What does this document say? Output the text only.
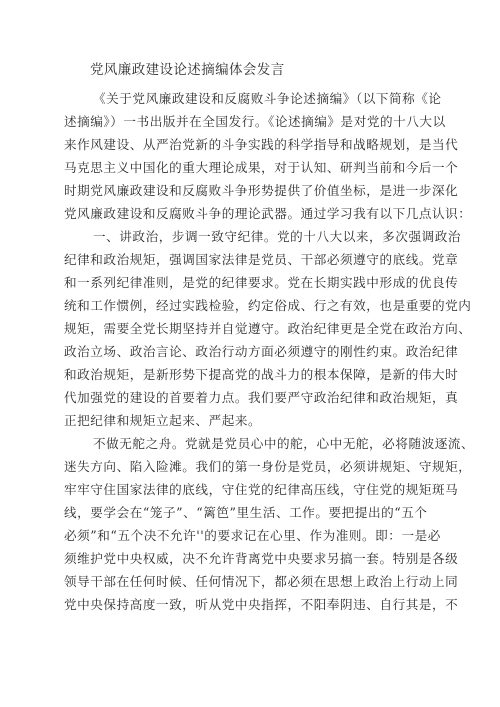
党风廉政建设论述摘编体会发言
《关于党风廉政建设和反腐败斗争论述摘编》（以下简称《论
述摘编》）一书出版并在全国发行。《论述摘编》是对党的十八大以
来作风建设、从严治党新的斗争实践的科学指导和战略规划，是当代
马克思主义中国化的重大理论成果，对于认知、研判当前和今后一个
时期党风廉政建设和反腐败斗争形势提供了价值坐标，是进一步深化
党风廉政建设和反腐败斗争的理论武器。通过学习我有以下几点认识：
一、讲政治，步调一致守纪律。党的十八大以来，多次强调政治
纪律和政治规矩，强调国家法律是党员、干部必须遵守的底线。党章
和一系列纪律准则，是党的纪律要求。党在长期实践中形成的优良传
统和工作惯例，经过实践检验，约定俗成、行之有效，也是重要的党内
规矩，需要全党长期坚持并自觉遵守。政治纪律更是全党在政治方向、
政治立场、政治言论、政治行动方面必须遵守的刚性约束。政治纪律
和政治规矩，是新形势下提高党的战斗力的根本保障，是新的伟大时
代加强党的建设的首要着力点。我们要严守政治纪律和政治规矩，真
正把纪律和规矩立起来、严起来。
不做无舵之舟。党就是党员心中的舵，心中无舵，必将随波逐流、
迷失方向、陷入险滩。我们的第一身份是党员，必须讲规矩、守规矩，
牢牢守住国家法律的底线，守住党的纪律高压线，守住党的规矩斑马
线，要学会在“笼子”、“篱笆”里生活、工作。要把提出的“五个
必须”和“五个决不允许''的要求记在心里、作为准则。即：一是必
须维护党中央权威，决不允许背离党中央要求另搞一套。特别是各级
领导干部在任何时候、任何情况下，都必须在思想上政治上行动上同
党中央保持高度一致，听从党中央指挥，不阳奉阴违、自行其是，不
